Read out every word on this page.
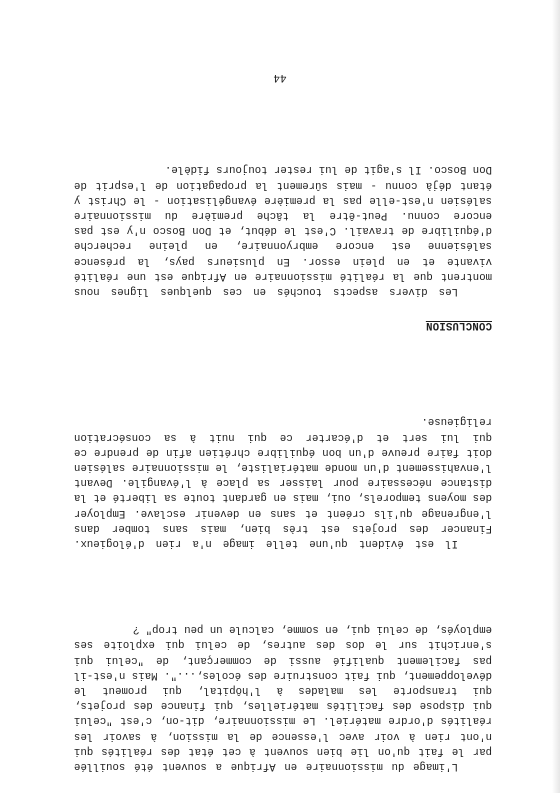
L'image du missionnaire en Afrique a souvent été souillée par le fait qu'on lie bien souvent à cet état des réalités qui n'ont rien à voir avec l'essence de la mission, à savoir les réalités d'ordre matériel. Le missionnaire, dit-on, c'est "celui qui dispose des facilités matérielles, qui finance des projets, qui transporte les malades à l'hôpital, qui promeut le développement, qui fait construire des écoles,...". Mais n'est-il pas facilement qualifié aussi de commerçant, de "celui qui s'enrichit sur le dos des autres, de celui qui exploite ses employés, de celui qui, en somme, calcule un peu trop" ?

Il est évident qu'une telle image n'a rien d'élogieux. Financer des projets est très bien, mais sans tomber dans l'engrenage qu'ils créent et sans en devenir esclave. Employer des moyens temporels, oui, mais en gardant toute sa liberté et la distance nécessaire pour laisser sa place à l'évangile. Devant l'envahissement d'un monde matérialiste, le missionnaire salésien doit faire preuve d'un bon équilibre chrétien afin de prendre ce qui lui sert et d'écarter ce qui nuit à sa consécration religieuse.

CONCLUSION

Les divers aspects touchés en ces quelques lignes nous montrent que la réalité missionnaire en Afrique est une réalité vivante et en plein essor. En plusieurs pays, la présence salésienne est encore embryonnaire, en pleine recherche d'équilibre de travail. C'est le début, et Don Bosco n'y est pas encore connu. Peut-être la tâche première du missionnaire salésien n'est-elle pas la première évangélisation - le Christ y étant déjà connu - mais sûrement la propagation de l'esprit de Don Bosco. Il s'agit de lui rester toujours fidèle.

44
